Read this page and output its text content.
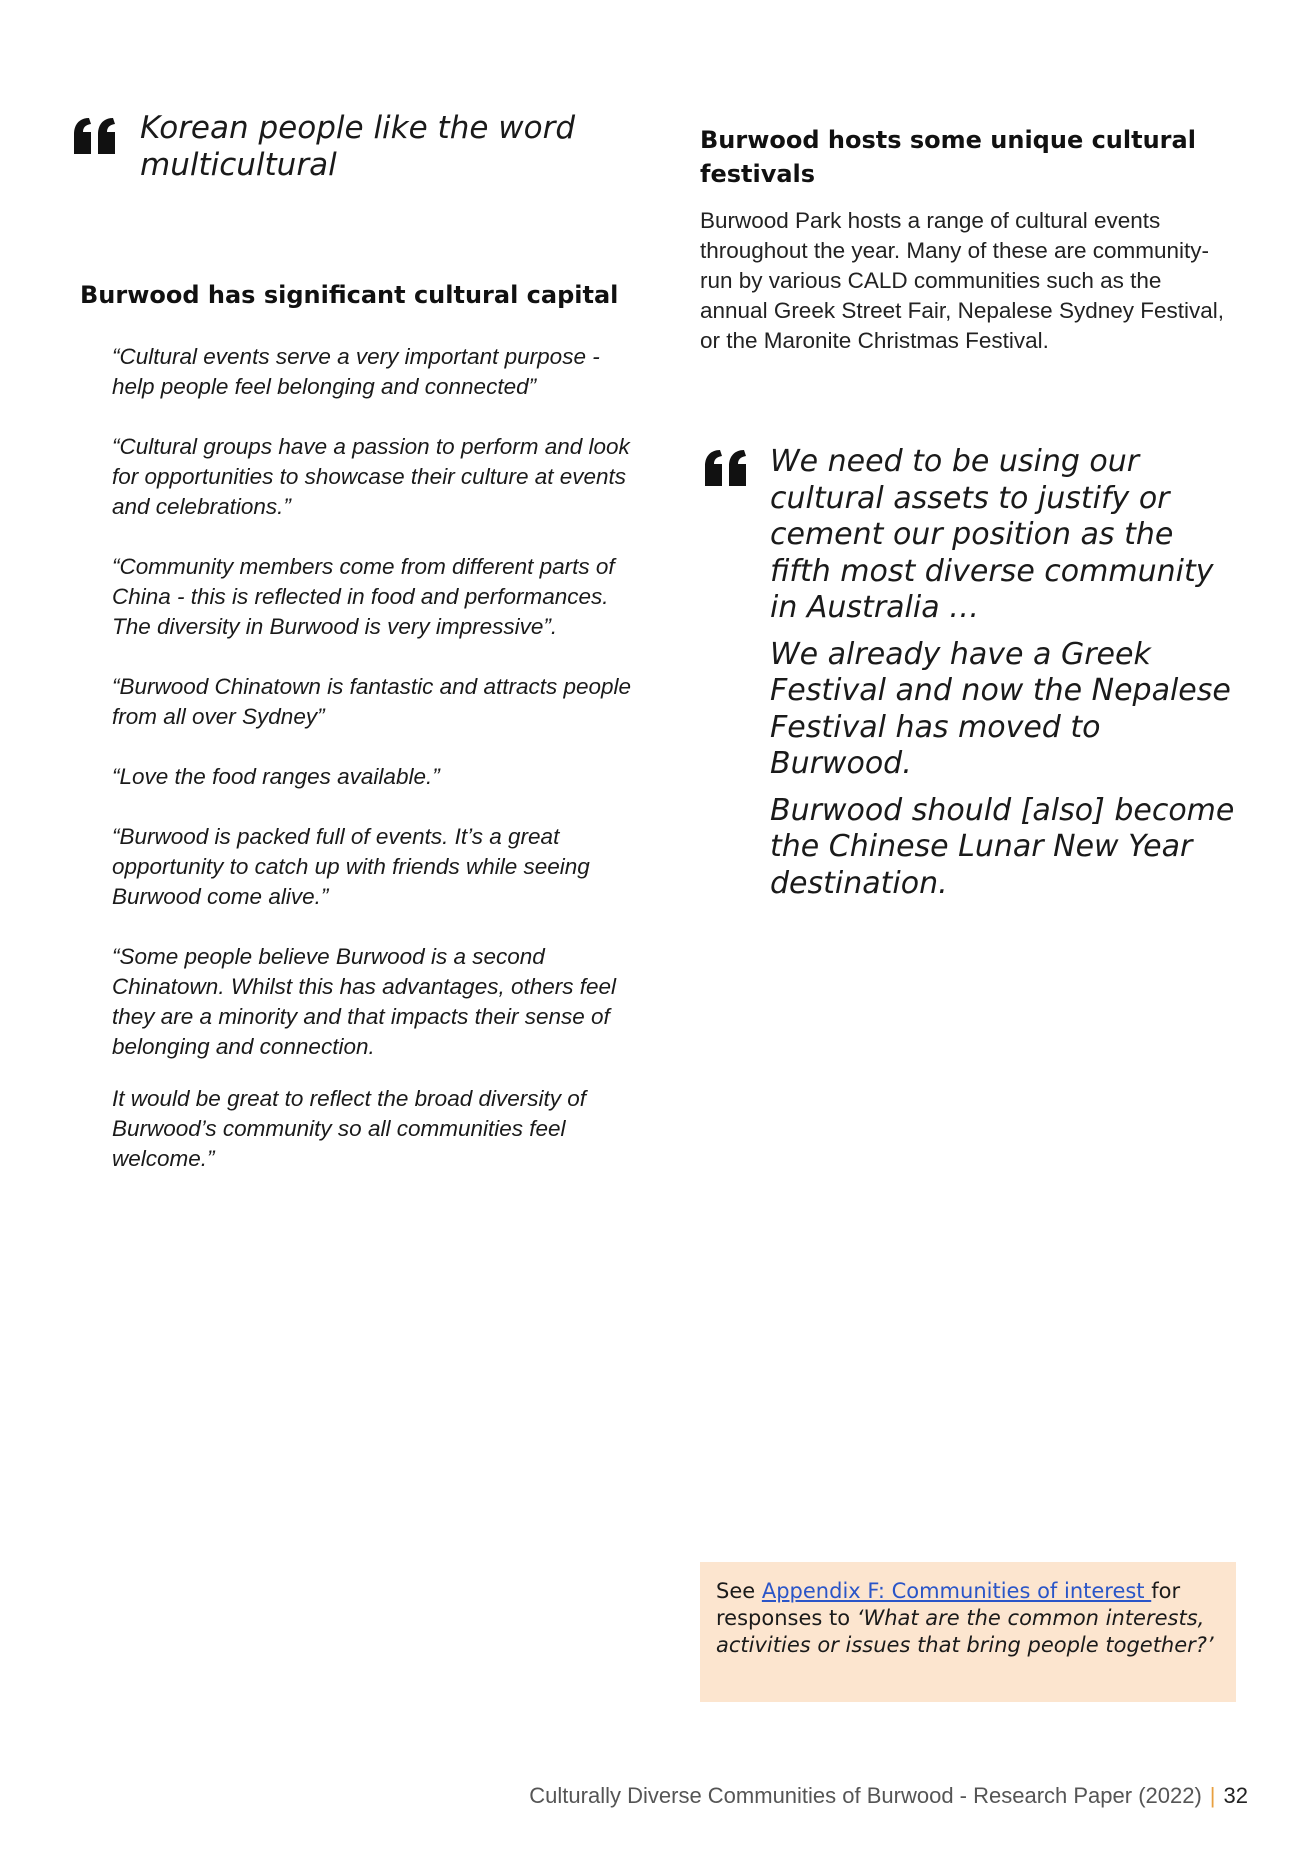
Korean people like the word

multicultural

Burwood has significant cultural capital

“Cultural events serve a very important purpose - help people feel belonging and connected”

“Cultural groups have a passion to perform and look for opportunities to showcase their culture at events and celebrations.”

“Community members come from different parts of China - this is reflected in food and performances. The diversity in Burwood is very impressive”.

“Burwood Chinatown is fantastic and attracts people from all over Sydney”

“Love the food ranges available.”

“Burwood is packed full of events. It’s a great opportunity to catch up with friends while seeing Burwood come alive.”

“Some people believe Burwood is a second Chinatown. Whilst this has advantages, others feel they are a minority and that impacts their sense of belonging and connection.

It would be great to reflect the broad diversity of Burwood’s community so all communities feel welcome.”

Burwood hosts some unique cultural festivals

Burwood Park hosts a range of cultural events throughout the year. Many of these are community-run by various CALD communities such as the annual Greek Street Fair, Nepalese Sydney Festival, or the Maronite Christmas Festival.

We need to be using our cultural assets to justify or cement our position as the fifth most diverse community in Australia …

We already have a Greek Festival and now the Nepalese Festival has moved to Burwood.

Burwood should [also] become the Chinese Lunar New Year destination.

See Appendix F: Communities of interest for responses to ‘What are the common interests, activities or issues that bring people together?’
Culturally Diverse Communities of Burwood - Research Paper (2022) | 32
